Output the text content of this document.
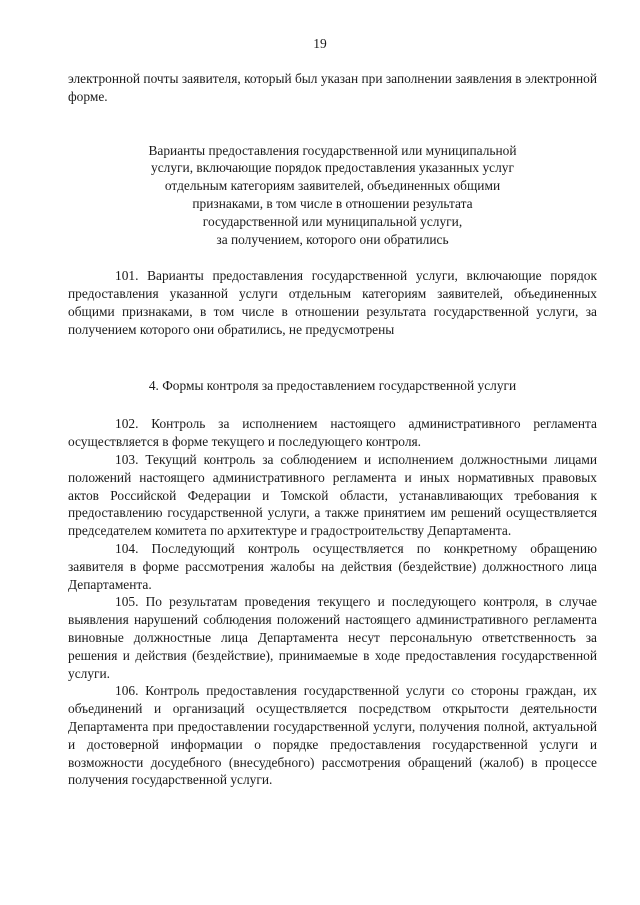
19

электронной почты заявителя, который был указан при заполнении заявления в электронной форме.

Варианты предоставления государственной или муниципальной
услуги, включающие порядок предоставления указанных услуг
отдельным категориям заявителей, объединенных общими
признаками, в том числе в отношении результата
государственной или муниципальной услуги,
за получением, которого они обратились

101. Варианты предоставления государственной услуги, включающие порядок предоставления указанной услуги отдельным категориям заявителей, объединенных общими признаками, в том числе в отношении результата государственной услуги, за получением которого они обратились, не предусмотрены

4. Формы контроля за предоставлением государственной услуги

102. Контроль за исполнением настоящего административного регламента осуществляется в форме текущего и последующего контроля.

103. Текущий контроль за соблюдением и исполнением должностными лицами положений настоящего административного регламента и иных нормативных правовых актов Российской Федерации и Томской области, устанавливающих требования к предоставлению государственной услуги, а также принятием им решений осуществляется председателем комитета по архитектуре и градостроительству Департамента.

104. Последующий контроль осуществляется по конкретному обращению заявителя в форме рассмотрения жалобы на действия (бездействие) должностного лица Департамента.

105. По результатам проведения текущего и последующего контроля, в случае выявления нарушений соблюдения положений настоящего административного регламента виновные должностные лица Департамента несут персональную ответственность за решения и действия (бездействие), принимаемые в ходе предоставления государственной услуги.

106. Контроль предоставления государственной услуги со стороны граждан, их объединений и организаций осуществляется посредством открытости деятельности Департамента при предоставлении государственной услуги, получения полной, актуальной и достоверной информации о порядке предоставления государственной услуги и возможности досудебного (внесудебного) рассмотрения обращений (жалоб) в процессе получения государственной услуги.
